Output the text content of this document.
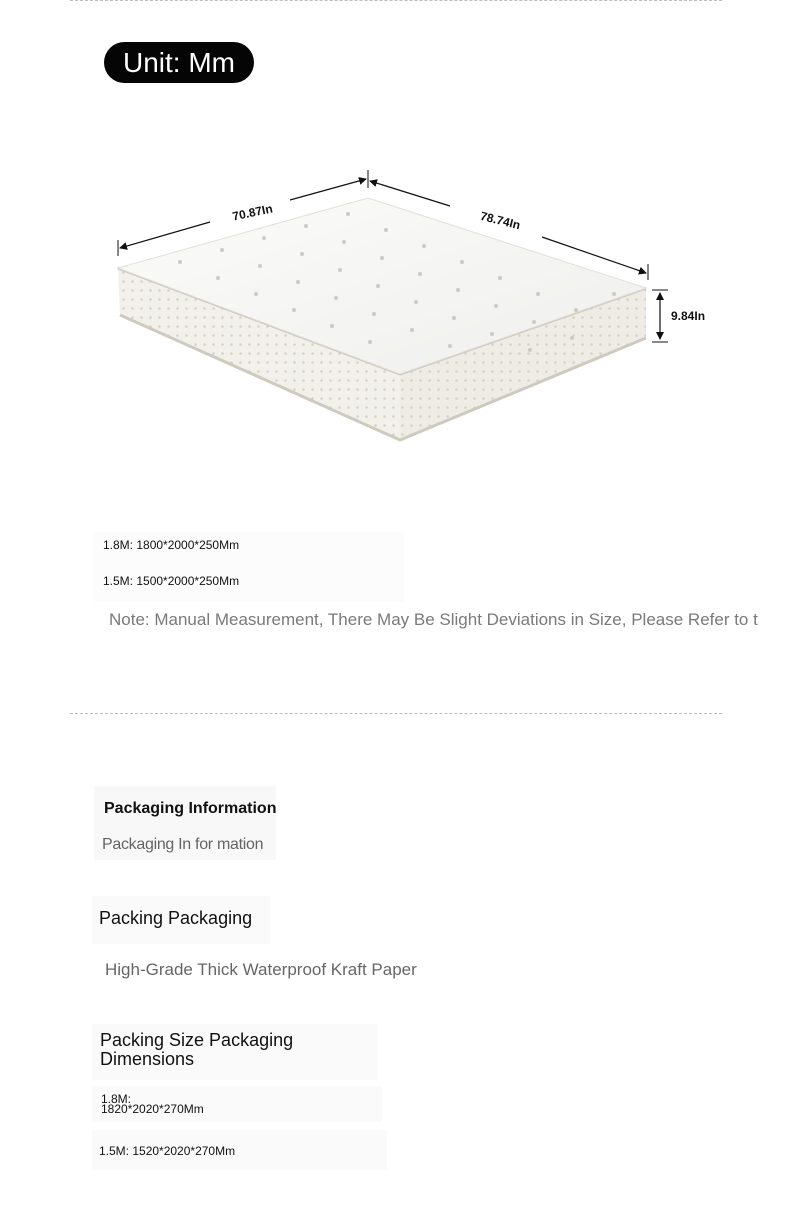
Unit: Mm
70.87In	78.74In
9.84In
1.8M: 1800*2000*250Mm
1.5M: 1500*2000*250Mm
Note: Manual Measurement, There May Be Slight Deviations in Size, Please Refer to t
Packaging Information
Packaging In for mation
Packing Packaging
High-Grade Thick Waterproof Kraft Paper
Packing Size Packaging Dimensions
1.8M:
1820*2020*270Mm
1.5M: 1520*2020*270Mm
